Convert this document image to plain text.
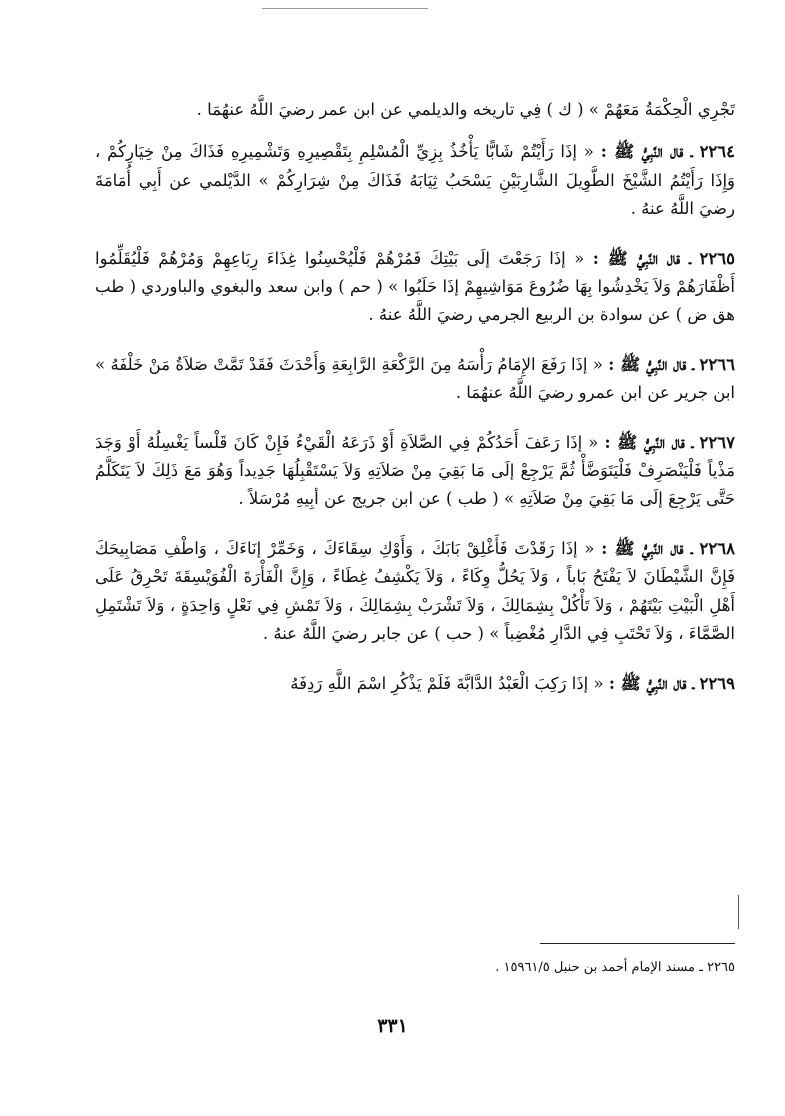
تَجْرِي الْحِكْمَةُ مَعَهُمْ » ( ك ) فِي تاريخه والديلمي عن ابن عمر رضيَ اللَّهُ عنهُمَا .

٢٢٦٤ ـ قال النَّبِيُّ ﷺ : « إذَا رَأَيْتُمْ شَابًّا يَأْخُذُ بِزِيِّ الْمُسْلِمِ بِتَقْصِيرِهِ وَتَشْمِيرِهِ فَذَاكَ مِنْ خِيَارِكُمْ ، وَإِذَا رَأَيْتُمُ الشَّيْخَ الطَّوِيلَ الشَّارِبَيْنِ يَسْحَبُ ثِيَابَهُ فَذَاكَ مِنْ شِرَارِكُمْ » الدَّيْلمي عن أَبِي أُمَامَةَ رضيَ اللَّهُ عنهُ .

٢٢٦٥ ـ قال النَّبِيُّ ﷺ : « إذَا رَجَعْتَ إلَى بَيْتِكَ فَمُرْهُمْ فَلْيُحْسِنُوا غِذَاءَ رِبَاعِهِمْ وَمُرْهُمْ فَلْيُقَلِّمُوا أَظْفَارَهُمْ وَلاَ يَخْدِشُوا بِهَا ضُرُوعَ مَوَاشِيهِمْ إذَا حَلَبُوا » ( حم ) وابن سعد والبغوي والباوردي ( طب هق ض ) عن سوادة بن الربيع الجرمي رضيَ اللَّهُ عنهُ .

٢٢٦٦ ـ قال النَّبِيُّ ﷺ : « إذَا رَفَعَ الإِمَامُ رَأْسَهُ مِنَ الرَّكْعَةِ الرَّابِعَةِ وَأَحْدَثَ فَقَدْ تَمَّتْ صَلاَةُ مَنْ خَلْفَهُ » ابن جرير عن ابن عمرو رضيَ اللَّهُ عنهُمَا .

٢٢٦٧ ـ قال النَّبِيُّ ﷺ : « إذَا رَعَفَ أَحَدُكُمْ فِي الصَّلاَةِ أَوْ ذَرَعَهُ الْقَيْءُ فَإِنْ كَانَ قَلْساً يَغْسِلُهُ أَوْ وَجَدَ مَذْياً فَلْيَنْصَرِفْ فَلْيَتَوَضَّأْ ثُمَّ يَرْجِعْ إلَى مَا بَقِيَ مِنْ صَلاَتِهِ وَلاَ يَسْتَقْبِلُهَا جَدِيداً وَهُوَ مَعَ ذَلِكَ لاَ يَتَكَلَّمُ حَتَّى يَرْجِعَ إلَى مَا بَقِيَ مِنْ صَلاَتِهِ » ( طب ) عن ابن جريج عن أبِيهِ مُرْسَلاً .

٢٢٦٨ ـ قال النَّبِيُّ ﷺ : « إذَا رَقَدْتَ فَأَغْلِقْ بَابَكَ ، وَأَوْكِ سِقَاءَكَ ، وَخَمِّرْ إنَاءَكَ ، وَاطْفِ مَصَابِيحَكَ فَإِنَّ الشَّيْطَانَ لاَ يَفْتَحُ بَاباً ، وَلاَ يَحُلُّ وِكَاءً ، وَلاَ يَكْشِفُ غِطَاءً ، وَإِنَّ الْفَأْرَةَ الْفُوَيْسِقَةَ تَحْرِقُ عَلَى أَهْلِ الْبَيْتِ بَيْتَهُمْ ، وَلاَ تَأْكُلْ بِشِمَالِكَ ، وَلاَ تَشْرَبْ بِشِمَالِكَ ، وَلاَ تَمْشِ فِي نَعْلٍ وَاحِدَةٍ ، وَلاَ تَشْتَمِلِ الصَّمَّاءَ ، وَلاَ تَحْتَبِ فِي الدَّارِ مُغْضِباً » ( حب ) عن جابر رضيَ اللَّهُ عنهُ .

٢٢٦٩ ـ قال النَّبِيُّ ﷺ : « إذَا رَكِبَ الْعَبْدُ الدَّابَّةَ فَلَمْ يَذْكُرِ اسْمَ اللَّهِ رَدِفَهُ

٢٢٦٥ ـ مسند الإمام أحمد بن حنبل ١٥٩٦١/٥ .
٣٣١
